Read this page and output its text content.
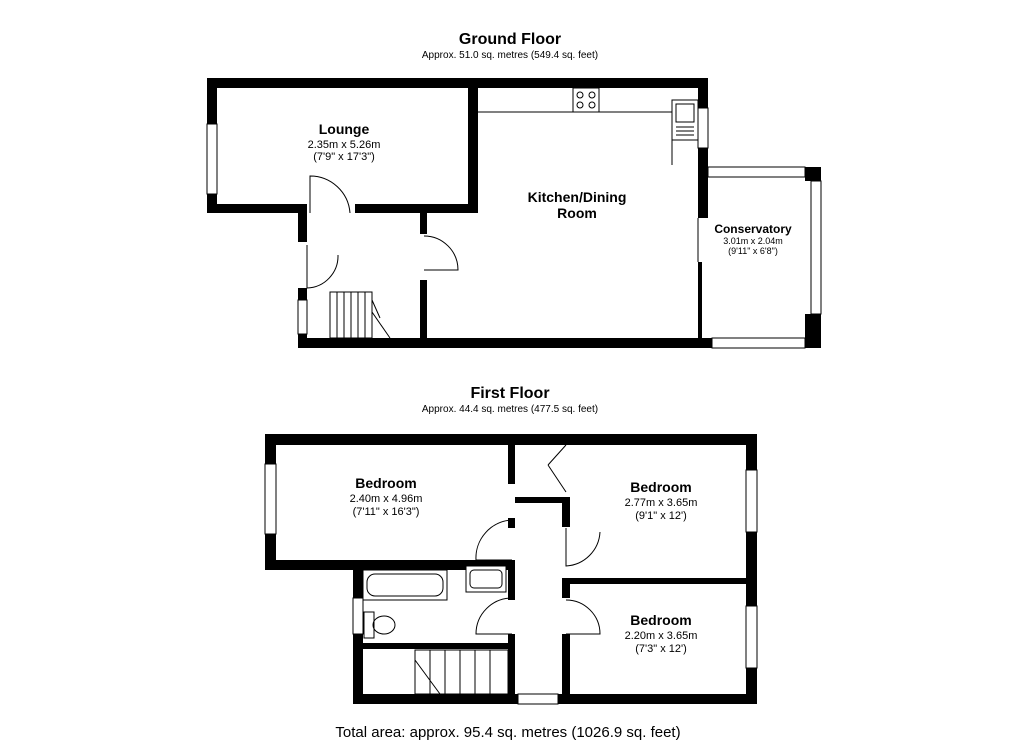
Ground Floor
Approx. 51.0 sq. metres (549.4 sq. feet)
Lounge
2.35m x 5.26m
(7'9" x 17'3")
Kitchen/Dining
Room
Conservatory
3.01m x 2.04m
(9'11" x 6'8")
First Floor
Approx. 44.4 sq. metres (477.5 sq. feet)
Bedroom
2.40m x 4.96m
(7'11" x 16'3")
Bedroom
2.77m x 3.65m
(9'1" x 12')
Bedroom
2.20m x 3.65m
(7'3" x 12')
Total area: approx. 95.4 sq. metres (1026.9 sq. feet)
